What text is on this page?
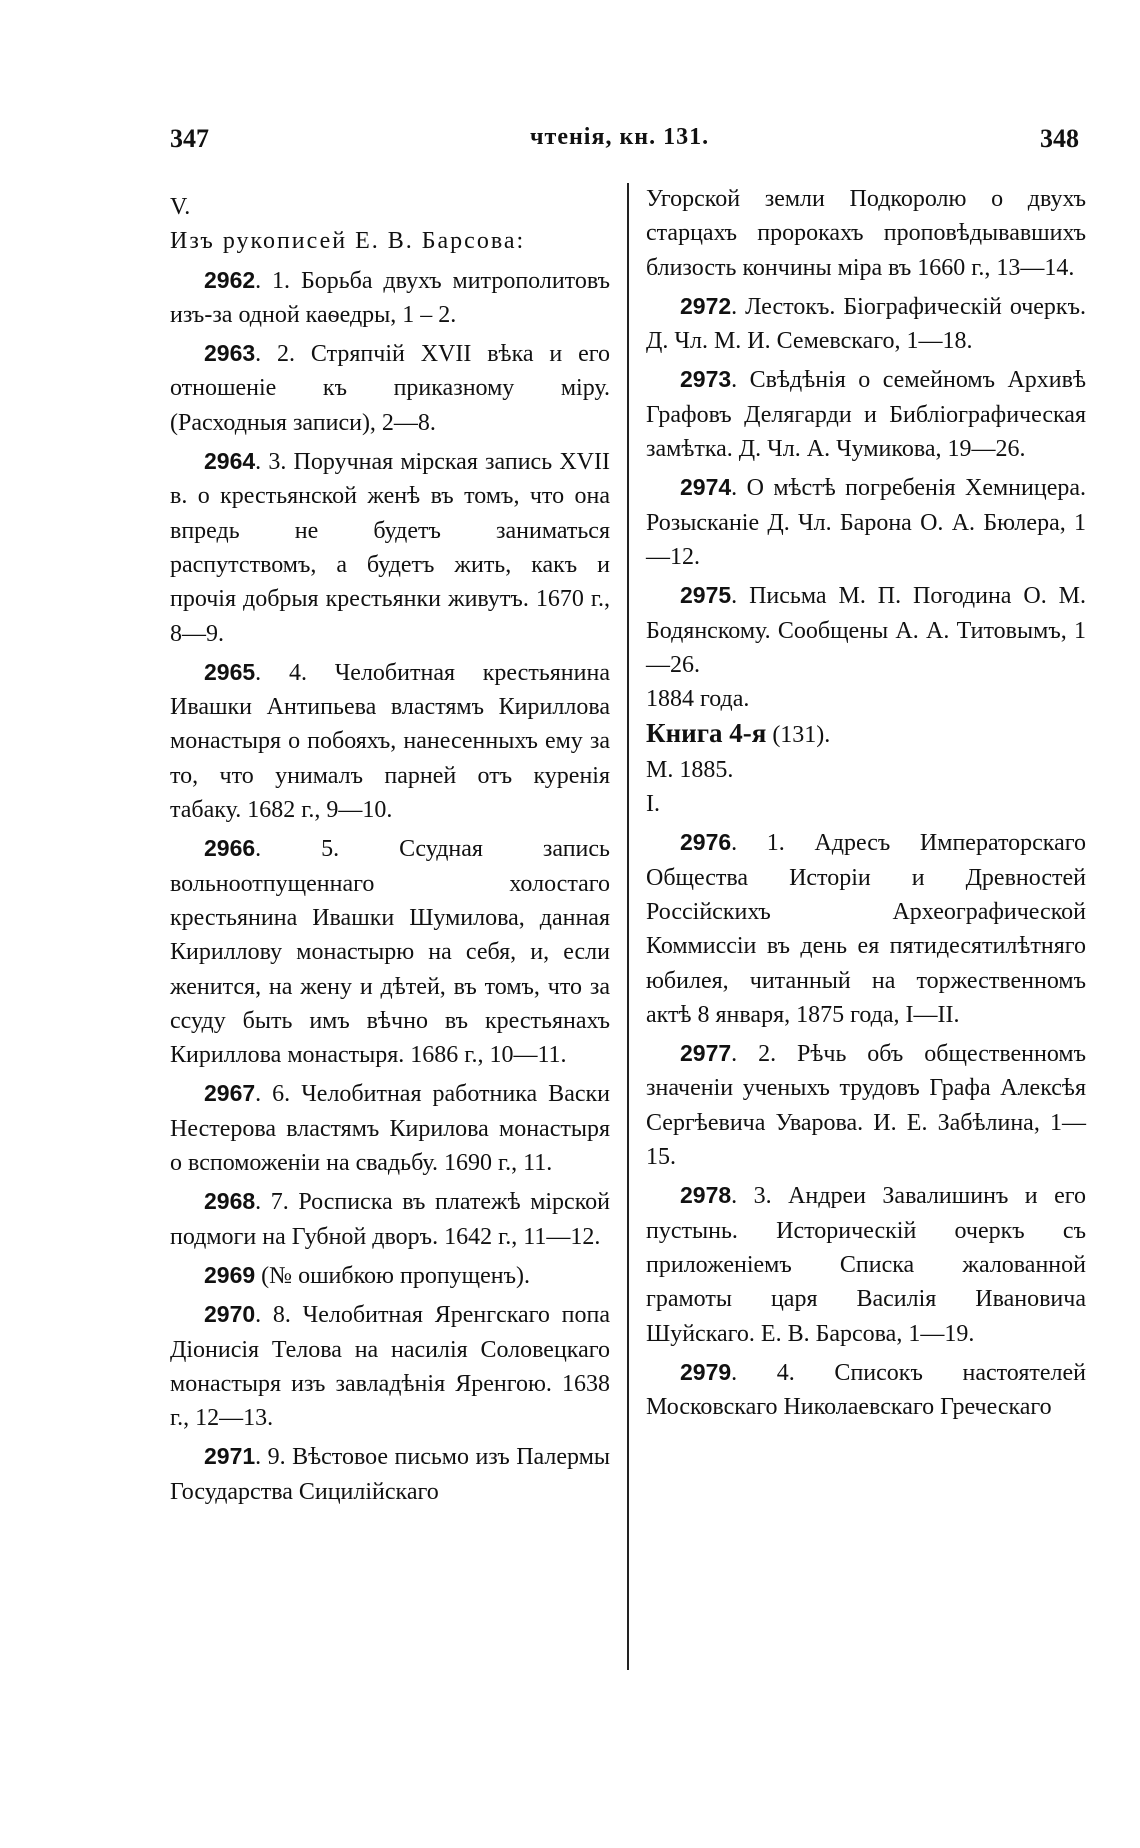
347	чтенія, кн. 131.	348

V.

Изъ рукописей Е. В. Барсова:

2962. 1. Борьба двухъ митрополитовъ изъ-за одной каѳедры, 1 – 2.

2963. 2. Стряпчій XVII вѣка и его отношеніе къ приказному міру. (Расходныя записи), 2—8.

2964. 3. Поручная мірская запись XVII в. о крестьянской женѣ въ томъ, что она впредь не будетъ заниматься распутствомъ, а будетъ жить, какъ и прочія добрыя крестьянки живутъ. 1670 г., 8—9.

2965. 4. Челобитная крестьянина Ивашки Антипьева властямъ Кириллова монастыря о побояхъ, нанесенныхъ ему за то, что унималъ парней отъ куренія табаку. 1682 г., 9—10.

2966. 5. Ссудная запись вольноотпущеннаго холостаго крестьянина Ивашки Шумилова, данная Кириллову монастырю на себя, и, если женится, на жену и дѣтей, въ томъ, что за ссуду быть имъ вѣчно въ крестьянахъ Кириллова монастыря. 1686 г., 10—11.

2967. 6. Челобитная работника Васки Нестерова властямъ Кирилова монастыря о вспоможеніи на свадьбу. 1690 г., 11.

2968. 7. Росписка въ платежѣ мірской подмоги на Губной дворъ. 1642 г., 11—12.

2969 (№ ошибкою пропущенъ).

2970. 8. Челобитная Яренгскаго попа Діонисія Телова на насилія Соловецкаго монастыря изъ завладѣнія Яренгою. 1638 г., 12—13.

2971. 9. Вѣстовое письмо изъ Палермы Государства Сицилійскаго

Угорской земли Подкоролю о двухъ старцахъ пророкахъ проповѣдывавшихъ близость кончины міра въ 1660 г., 13—14.

2972. Лестокъ. Біографическій очеркъ. Д. Чл. М. И. Семевскаго, 1—18.

2973. Свѣдѣнія о семейномъ Архивѣ Графовъ Делягарди и Библіографическая замѣтка. Д. Чл. А. Чумикова, 19—26.

2974. О мѣстѣ погребенія Хемницера. Розысканіе Д. Чл. Барона О. А. Бюлера, 1—12.

2975. Письма М. П. Погодина О. М. Бодянскому. Сообщены А. А. Титовымъ, 1—26.

1884 года.

Книга 4-я (131).

М. 1885.

I.

2976. 1. Адресъ Императорскаго Общества Исторіи и Древностей Россійскихъ Археографической Коммиссіи въ день ея пятидесятилѣтняго юбилея, читанный на торжественномъ актѣ 8 января, 1875 года, I—II.

2977. 2. Рѣчь объ общественномъ значеніи ученыхъ трудовъ Графа Алексѣя Сергѣевича Уварова. И. Е. Забѣлина, 1—15.

2978. 3. Андреи Завалишинъ и его пустынь. Историческій очеркъ съ приложеніемъ Списка жалованной грамоты царя Василія Ивановича Шуйскаго. Е. В. Барсова, 1—19.

2979. 4. Списокъ настоятелей Московскаго Николаевскаго Греческаго
